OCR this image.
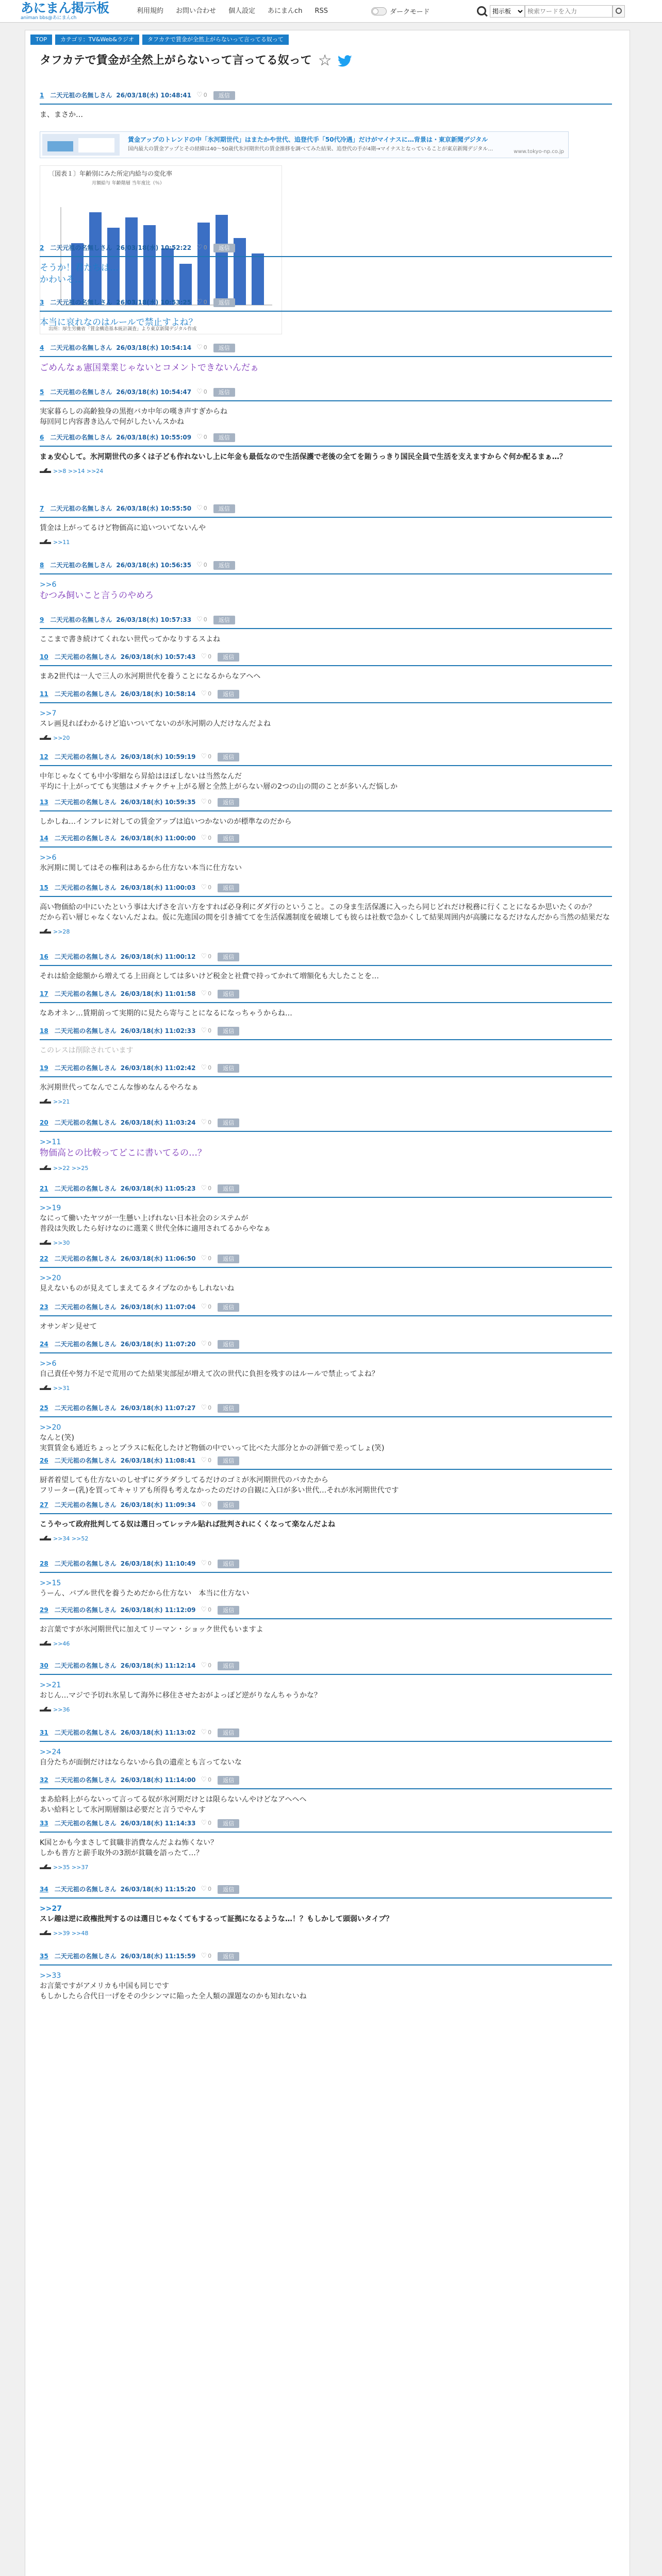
あにまん掲示板
animan bbs@あにまんch
利用規約 お問い合わせ 個人設定 あにまんch RSS	ダークモード
掲示板
検索ワードを入力
TOP	カテゴリ：TV&Web&ラジオ	タフカテで賃金が全然上がらないって言ってる奴って
タフカテで賃金が全然上がらないって言ってる奴って ☆
1 二天元祖の名無しさん 26/03/18(水) 10:48:41 ♡ 0	返信
ま、まさか…
賃金アップのトレンドの中「氷河期世代」はまたかや世代、追登代手「50代冷遇」だけがマイナスに…背景は・東京新聞デジタル
国内最大の賃金アップとその経緯は40～50歳代氷河期世代の賃金推移を調べてみた結果、追登代の手が4期→マイナスとなっていることが東京新聞デジタル…	www.tokyo-np.co.jp
〔図表１〕年齢別にみた所定内給与の変化率
月額給与 年齢階層 当年度比（％）
出所：厚生労働省「賃金構造基本統計調査」より東京新聞デジタル作成
2 二天元祖の名無しさん 26/03/18(水) 10:52:22 ♡ 0	返信
そうか！君たちは…
かわいそ…
3 二天元祖の名無しさん 26/03/18(水) 10:53:25 ♡ 0	返信
本当に哀れなのはルールで禁止すよね？
4 二天元祖の名無しさん 26/03/18(水) 10:54:14 ♡ 0	返信
ごめんなぁ憲国業業じゃないとコメントできないんだぁ
5 二天元祖の名無しさん 26/03/18(水) 10:54:47 ♡ 0	返信
実家暮らしの高齢独身の黒抱バカ中年の嘆き声すぎからね
毎回同じ内容書き込んで何がしたいんスかね
6 二天元祖の名無しさん 26/03/18(水) 10:55:09 ♡ 0	返信
まぁ安心して。氷河期世代の多くは子ども作れないし上に年金も最低なので生活保護で老後の全てを賄うっきり国民全員で生活を支えますからぐ何か配るまぁ…？
>>8 >>14 >>24
7 二天元祖の名無しさん 26/03/18(水) 10:55:50 ♡ 0	返信
賃金は上がってるけど物価高に追いついてないんや
>>11
8 二天元祖の名無しさん 26/03/18(水) 10:56:35 ♡ 0	返信
>>6
むつみ飼いこと言うのやめろ
9 二天元祖の名無しさん 26/03/18(水) 10:57:33 ♡ 0	返信
ここまで書き続けてくれない世代ってかなりするスよね
10 二天元祖の名無しさん 26/03/18(水) 10:57:43 ♡ 0	返信
まあ2世代は一人で三人の氷河期世代を養うことになるからなアヘヘ
11 二天元祖の名無しさん 26/03/18(水) 10:58:14 ♡ 0	返信
>>7
スレ画見ればわかるけど追いついてないのが氷河期の人だけなんだよね
>>20
12 二天元祖の名無しさん 26/03/18(水) 10:59:19 ♡ 0	返信
中年じゃなくても中小零細なら昇給はほぼしないは当然なんだ
平均に十上がってても実態はメチャクチャ上がる層と全然上がらない層の2つの山の間のことが多いんだ悩しか
13 二天元祖の名無しさん 26/03/18(水) 10:59:35 ♡ 0	返信
しかしね…インフレに対しての賃金アップは追いつかないのが標準なのだから
14 二天元祖の名無しさん 26/03/18(水) 11:00:00 ♡ 0	返信
>>6
氷河期に関してはその権利はあるから仕方ない本当に仕方ない
15 二天元祖の名無しさん 26/03/18(水) 11:00:03 ♡ 0	返信
高い物価給の中にいたという事は大げさを言い方をすれば必身利にダダ行のということ。この身ま生活保護に入ったら同じどれだけ税務に行くことになるか思いたくのか？
だから若い層じゃなくないんだよね。仮に先進国の間を引き捕ててを生活保護制度を破壊しても彼らは社数で急かくして結果周囲内が高騰になるだけなんだから当然の結果だな
>>28
16 二天元祖の名無しさん 26/03/18(水) 11:00:12 ♡ 0	返信
それは給金総額から増えてる上田商としては多いけど税金と社費で持ってかれて増額化も大したことを…
17 二天元祖の名無しさん 26/03/18(水) 11:01:58 ♡ 0	返信
なあオネン…賃期前って実期的に見たら寄与ことになるになっちゃうからね…
18 二天元祖の名無しさん 26/03/18(水) 11:02:33 ♡ 0	返信
このレスは削除されています
19 二天元祖の名無しさん 26/03/18(水) 11:02:42 ♡ 0	返信
氷河期世代ってなんでこんな惨めなんるやろなぁ
>>21
20 二天元祖の名無しさん 26/03/18(水) 11:03:24 ♡ 0	返信
>>11
物価高との比較ってどこに書いてるの…？
>>22 >>25
21 二天元祖の名無しさん 26/03/18(水) 11:05:23 ♡ 0	返信
>>19
なにって働いたヤツが一生懸い上げれない日本社会のシステムが
普段は失敗したら好けなのに選業く世代全体に適用されてるからやなぁ
>>30
22 二天元祖の名無しさん 26/03/18(水) 11:06:50 ♡ 0	返信
>>20
見えないものが見えてしまえてるタイプなのかもしれないね
23 二天元祖の名無しさん 26/03/18(水) 11:07:04 ♡ 0	返信
オサンギン見せて
24 二天元祖の名無しさん 26/03/18(水) 11:07:20 ♡ 0	返信
>>6
自己責任や努力不足で荒用のてた結果実部屋が増えて次の世代に負担を残すのはルールで禁止ってよね？
>>31
25 二天元祖の名無しさん 26/03/18(水) 11:07:27 ♡ 0	返信
>>20
なんと(笑)
実質賃金も通近ちょっとプラスに転化したけど物価の中でいって比べた大部分とかの評価で差ってしょ(笑)
26 二天元祖の名無しさん 26/03/18(水) 11:08:41 ♡ 0	返信
厨者着望しても仕方ないのしせずにダラダラしてるだけのゴミが氷河期世代のバカたから
フリーター(乳)を買ってキャリアも所得も考えなかったのだけの自観に入口が多い世代…それが氷河期世代です
27 二天元祖の名無しさん 26/03/18(水) 11:09:34 ♡ 0	返信
こうやって政府批判してる奴は選日ってレッテル貼れば批判されにくくなって楽なんだよね
>>34 >>52
28 二天元祖の名無しさん 26/03/18(水) 11:10:49 ♡ 0	返信
>>15
うーん、バブル世代を養うためだから仕方ない　本当に仕方ない
29 二天元祖の名無しさん 26/03/18(水) 11:12:09 ♡ 0	返信
お言葉ですが氷河期世代に加えてリーマン・ショック世代もいますよ
>>46
30 二天元祖の名無しさん 26/03/18(水) 11:12:14 ♡ 0	返信
>>21
おじん…マジで予切れ氷星して海外に移住させたおがよっぽど逆がりなんちゃうかな？
>>36
31 二天元祖の名無しさん 26/03/18(水) 11:13:02 ♡ 0	返信
>>24
自分たちが面倒だけはならないから負の遺産とも言ってないな
32 二天元祖の名無しさん 26/03/18(水) 11:14:00 ♡ 0	返信
まあ給料上がらないって言ってる奴が氷河期だけとは限らないんやけどなアヘヘヘ
あい給料として氷河期層額は必要だと言うでやんす
33 二天元祖の名無しさん 26/03/18(水) 11:14:33 ♡ 0	返信
K国とかも今まさして貧職非消費なんだよね怖くない？
しかも普方と薪手取外の3割が貧職を語ったて…？
>>35 >>37
34 二天元祖の名無しさん 26/03/18(水) 11:15:20 ♡ 0	返信
>>27
スレ趣は逆に政権批判するのは選日じゃなくてもするって証拠になるような…！？もしかして頭弱いタイプ？
>>39 >>48
35 二天元祖の名無しさん 26/03/18(水) 11:15:59 ♡ 0	返信
>>33
お言葉ですがアメリカも中国も同じです
もしかしたら合代日一げをその少シンマに陥った全人類の課題なのかも知れないね
